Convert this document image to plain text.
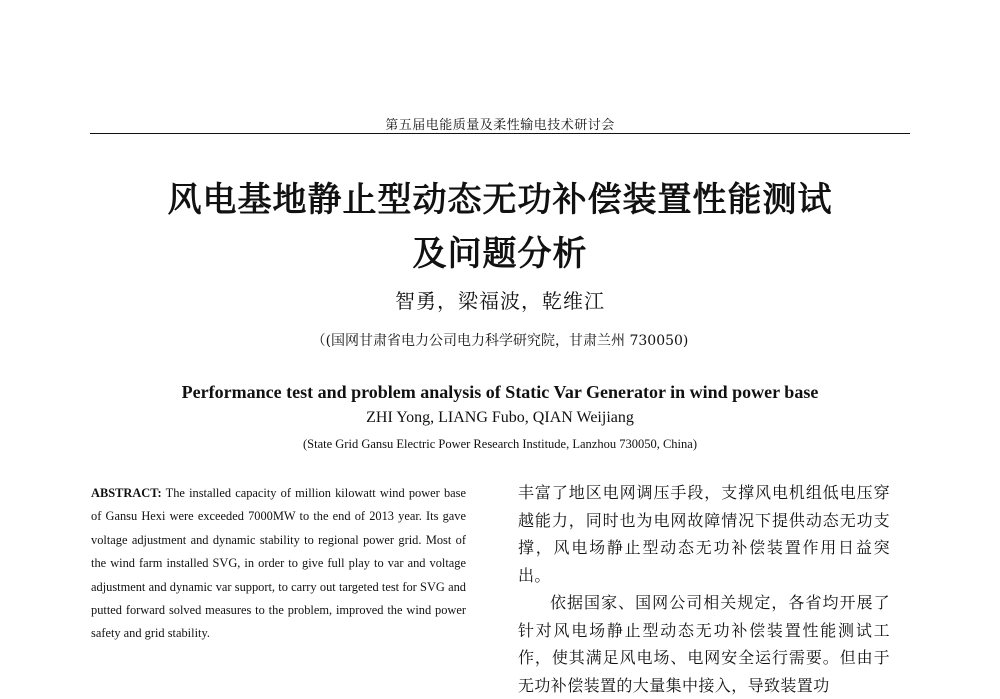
第五届电能质量及柔性输电技术研讨会
风电基地静止型动态无功补偿装置性能测试
及问题分析
智勇，梁福波，乾维江
（(国网甘肃省电力公司电力科学研究院，甘肃兰州 730050)
Performance test and problem analysis of Static Var Generator in wind power base
ZHI Yong, LIANG Fubo, QIAN Weijiang
(State Grid Gansu Electric Power Research Institude, Lanzhou 730050, China)
ABSTRACT: The installed capacity of million kilowatt wind power base of Gansu Hexi were exceeded 7000MW to the end of 2013 year. Its gave voltage adjustment and dynamic stability to regional power grid. Most of the wind farm installed SVG, in order to give full play to var and voltage adjustment and dynamic var support, to carry out targeted test for SVG and putted forward solved measures to the problem, improved the wind power safety and grid stability.

丰富了地区电网调压手段，支撑风电机组低电压穿越能力，同时也为电网故障情况下提供动态无功支撑，风电场静止型动态无功补偿装置作用日益突出。

依据国家、国网公司相关规定，各省均开展了针对风电场静止型动态无功补偿装置性能测试工作，使其满足风电场、电网安全运行需要。但由于无功补偿装置的大量集中接入，导致装置功
